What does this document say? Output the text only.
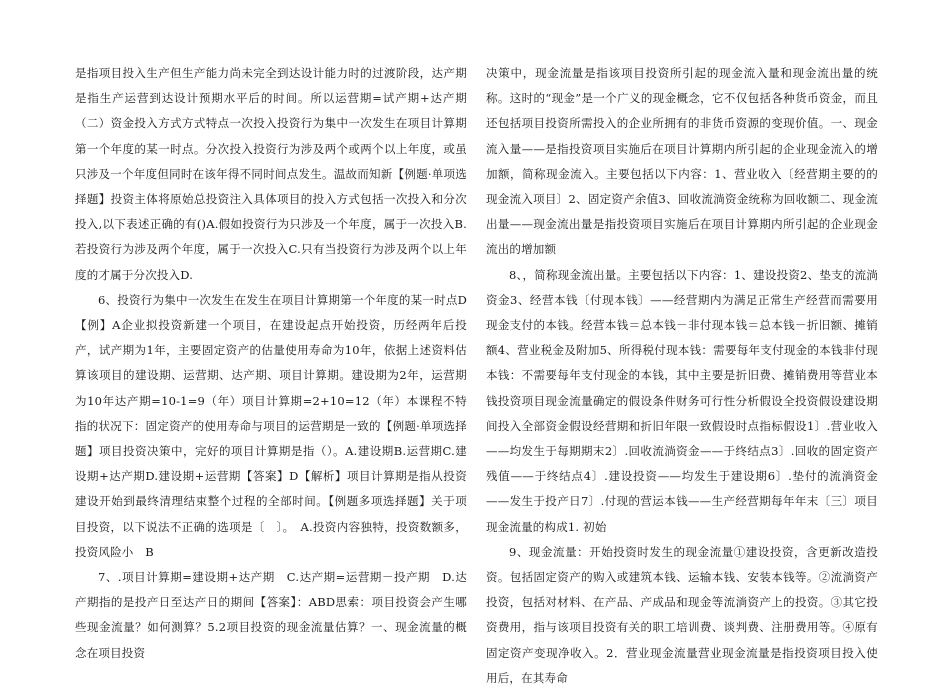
是指项目投入生产但生产能力尚未完全到达设计能力时的过渡阶段，达产期是指生产运营到达设计预期水平后的时间。所以运营期=试产期+达产期（二）资金投入方式方式特点一次投入投资行为集中一次发生在项目计算期第一个年度的某一时点。分次投入投资行为涉及两个或两个以上年度，或虽只涉及一个年度但同时在该年得不同时间点发生。温故而知新【例题·单项选择题】投资主体将原始总投资注入具体项目的投入方式包括一次投入和分次投入,以下表述正确的有()A.假如投资行为只涉及一个年度，属于一次投入B.若投资行为涉及两个年度，属于一次投入C.只有当投资行为涉及两个以上年度的才属于分次投入D.

6、投资行为集中一次发生在发生在项目计算期第一个年度的某一时点D【例】A企业拟投资新建一个项目，在建设起点开始投资，历经两年后投产，试产期为1年，主要固定资产的估量使用寿命为10年，依据上述资料估算该项目的建设期、运营期、达产期、项目计算期。建设期为2年，运营期为10年达产期=10-1=9（年）项目计算期=2+10=12（年）本课程不特指的状况下：固定资产的使用寿命与项目的运营期是一致的【例题·单项选择题】项目投资决策中，完好的项目计算期是指（）。A.建设期B.运营期C.建设期+达产期D.建设期+运营期【答案】D【解析】项目计算期是指从投资建设开始到最终清理结束整个过程的全部时间。【例题多项选择题】关于项目投资，以下说法不正确的选项是〔　〕。　A.投资内容独特，投资数额多，投资风险小　B

7、.项目计算期=建设期+达产期　C.达产期=运营期－投产期　D.达产期指的是投产日至达产日的期间【答案】：ABD思索：项目投资会产生哪些现金流量？如何测算？5.2项目投资的现金流量估算？一、现金流量的概念在项目投资

决策中，现金流量是指该项目投资所引起的现金流入量和现金流出量的统称。这时的“现金”是一个广义的现金概念，它不仅包括各种货币资金，而且还包括项目投资所需投入的企业所拥有的非货币资源的变现价值。一、现金流入量——是指投资项目实施后在项目计算期内所引起的企业现金流入的增加额，简称现金流入。主要包括以下内容：1、营业收入〔经营期主要的的现金流入项目〕2、固定资产余值3、回收流淌资金统称为回收额二、现金流出量——现金流出量是指投资项目实施后在项目计算期内所引起的企业现金流出的增加额

8、，简称现金流出量。主要包括以下内容：1、建设投资2、垫支的流淌资金3、经营本钱〔付现本钱〕——经营期内为满足正常生产经营而需要用现金支付的本钱。经营本钱＝总本钱－非付现本钱＝总本钱－折旧额、摊销额4、营业税金及附加5、所得税付现本钱：需要每年支付现金的本钱非付现本钱：不需要每年支付现金的本钱，其中主要是折旧费、摊销费用等营业本钱投资项目现金流量确定的假设条件财务可行性分析假设全投资假设建设期间投入全部资金假设经营期和折旧年限一致假设时点指标假设1〕.营业收入——均发生于每期期末2〕.回收流淌资金——于终结点3〕.回收的固定资产残值——于终结点4〕.建设投资——均发生于建设期6〕.垫付的流淌资金——发生于投产日7〕.付现的营运本钱——生产经营期每年年末〔三〕项目现金流量的构成1. 初始

9、现金流量：开始投资时发生的现金流量①建设投资，含更新改造投资。包括固定资产的购入或建筑本钱、运输本钱、安装本钱等。②流淌资产投资，包括对材料、在产品、产成品和现金等流淌资产上的投资。③其它投资费用，指与该项目投资有关的职工培训费、谈判费、注册费用等。④原有固定资产变现净收入。2．营业现金流量营业现金流量是指投资项目投入使用后，在其寿命
